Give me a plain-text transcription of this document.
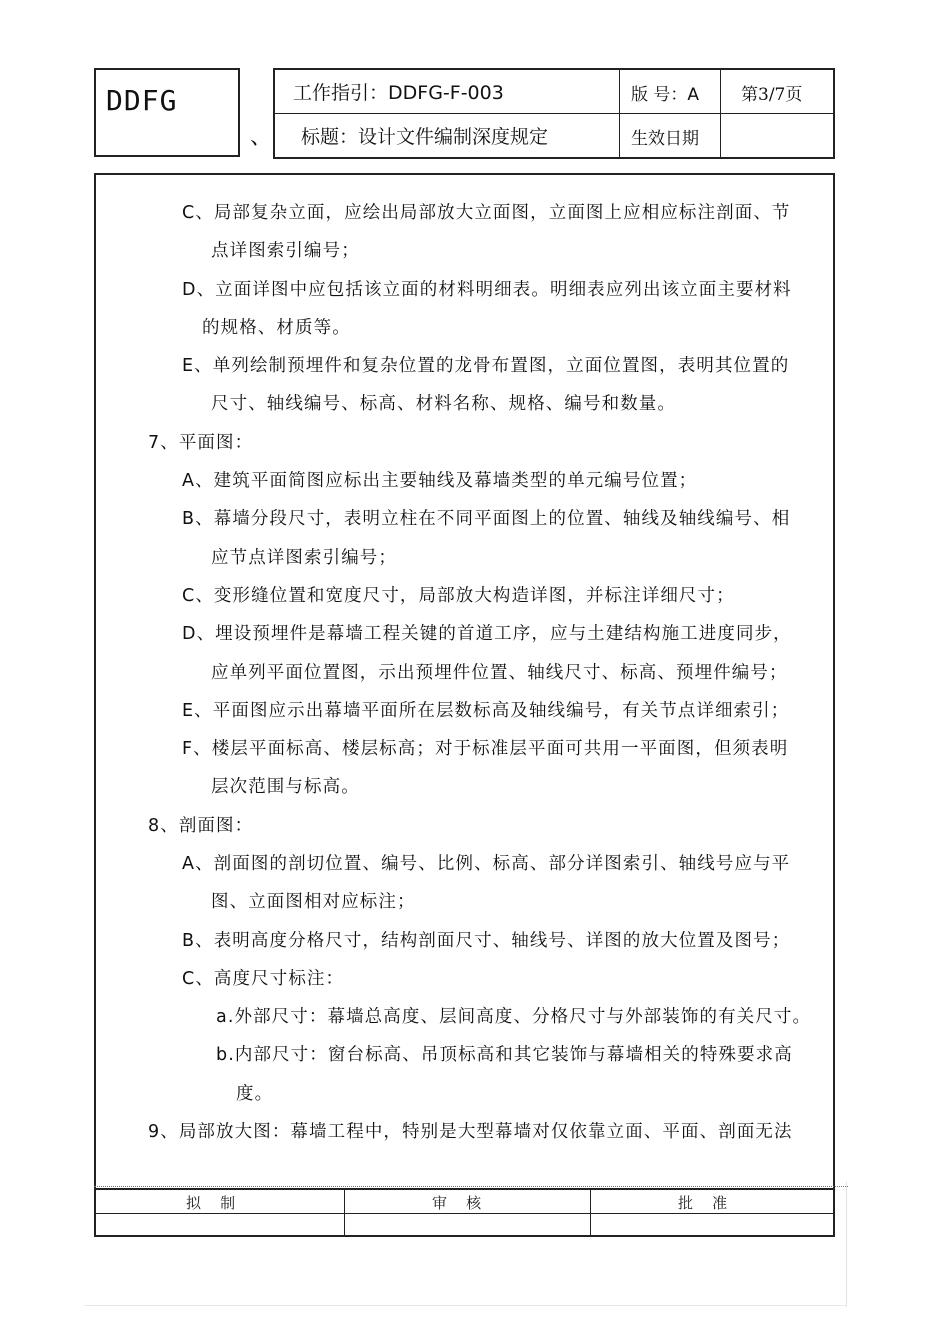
DDFG
、
工作指引：DDFG-F-003	版 号：A 第3/7页
标题：设计文件编制深度规定	生效日期
C、局部复杂立面，应绘出局部放大立面图，立面图上应相应标注剖面、节
点详图索引编号；
D、立面详图中应包括该立面的材料明细表。明细表应列出该立面主要材料
的规格、材质等。
E、单列绘制预埋件和复杂位置的龙骨布置图，立面位置图，表明其位置的
尺寸、轴线编号、标高、材料名称、规格、编号和数量。
7、平面图：
A、建筑平面简图应标出主要轴线及幕墙类型的单元编号位置；
B、幕墙分段尺寸，表明立柱在不同平面图上的位置、轴线及轴线编号、相
应节点详图索引编号；
C、变形缝位置和宽度尺寸，局部放大构造详图，并标注详细尺寸；
D、埋设预埋件是幕墙工程关键的首道工序，应与土建结构施工进度同步，
应单列平面位置图，示出预埋件位置、轴线尺寸、标高、预埋件编号；
E、平面图应示出幕墙平面所在层数标高及轴线编号，有关节点详细索引；
F、楼层平面标高、楼层标高；对于标准层平面可共用一平面图，但须表明
层次范围与标高。
8、剖面图：
A、剖面图的剖切位置、编号、比例、标高、部分详图索引、轴线号应与平
图、立面图相对应标注；
B、表明高度分格尺寸，结构剖面尺寸、轴线号、详图的放大位置及图号；
C、高度尺寸标注：
a.外部尺寸：幕墙总高度、层间高度、分格尺寸与外部装饰的有关尺寸。
b.内部尺寸：窗台标高、吊顶标高和其它装饰与幕墙相关的特殊要求高
度。
9、局部放大图：幕墙工程中，特别是大型幕墙对仅依靠立面、平面、剖面无法
拟    制	审    核	批    准
